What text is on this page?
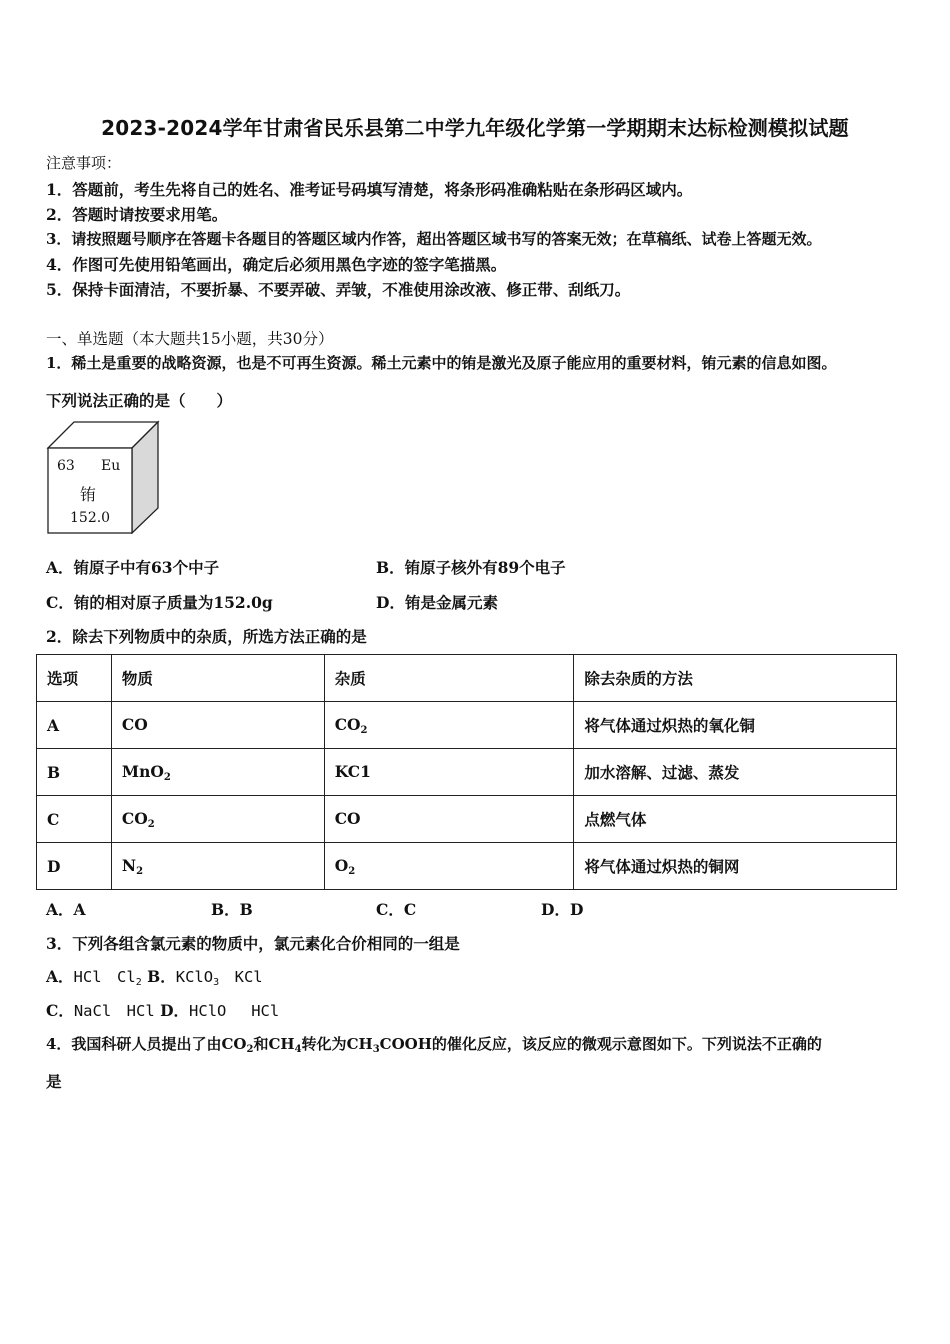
2023-2024学年甘肃省民乐县第二中学九年级化学第一学期期末达标检测模拟试题
注意事项：
1．答题前，考生先将自己的姓名、准考证号码填写清楚，将条形码准确粘贴在条形码区域内。
2．答题时请按要求用笔。
3．请按照题号顺序在答题卡各题目的答题区域内作答，超出答题区域书写的答案无效；在草稿纸、试卷上答题无效。
4．作图可先使用铅笔画出，确定后必须用黑色字迹的签字笔描黑。
5．保持卡面清洁，不要折暴、不要弄破、弄皱，不准使用涂改液、修正带、刮纸刀。
一、单选题（本大题共15小题，共30分）
1．稀土是重要的战略资源，也是不可再生资源。稀土元素中的铕是激光及原子能应用的重要材料，铕元素的信息如图。
下列说法正确的是（　　）
63 Eu
铕
152.0
A．铕原子中有63个中子	B．铕原子核外有89个电子
C．铕的相对原子质量为152.0g	D．铕是金属元素
2．除去下列物质中的杂质，所选方法正确的是
选项	物质	杂质	除去杂质的方法
A	CO	$CO_2$	将气体通过炽热的氧化铜
B	MnO$_2$	KC1	加水溶解、过滤、蒸发
C	$CO_2$	CO	点燃气体
D	$N_2$	$O_2$	将气体通过炽热的铜网
A．A	B．B	C．C	D．D
3．下列各组含氯元素的物质中，氯元素化合价相同的一组是
A．HCl　$Cl_2$ B．KClO$_3$　KCl
C．NaCl　HCl D．HClO　 HCl
4．我国科研人员提出了由$CO_2$和$CH_4$转化为$CH_3COOH$的催化反应，该反应的微观示意图如下。下列说法不正确的
是
